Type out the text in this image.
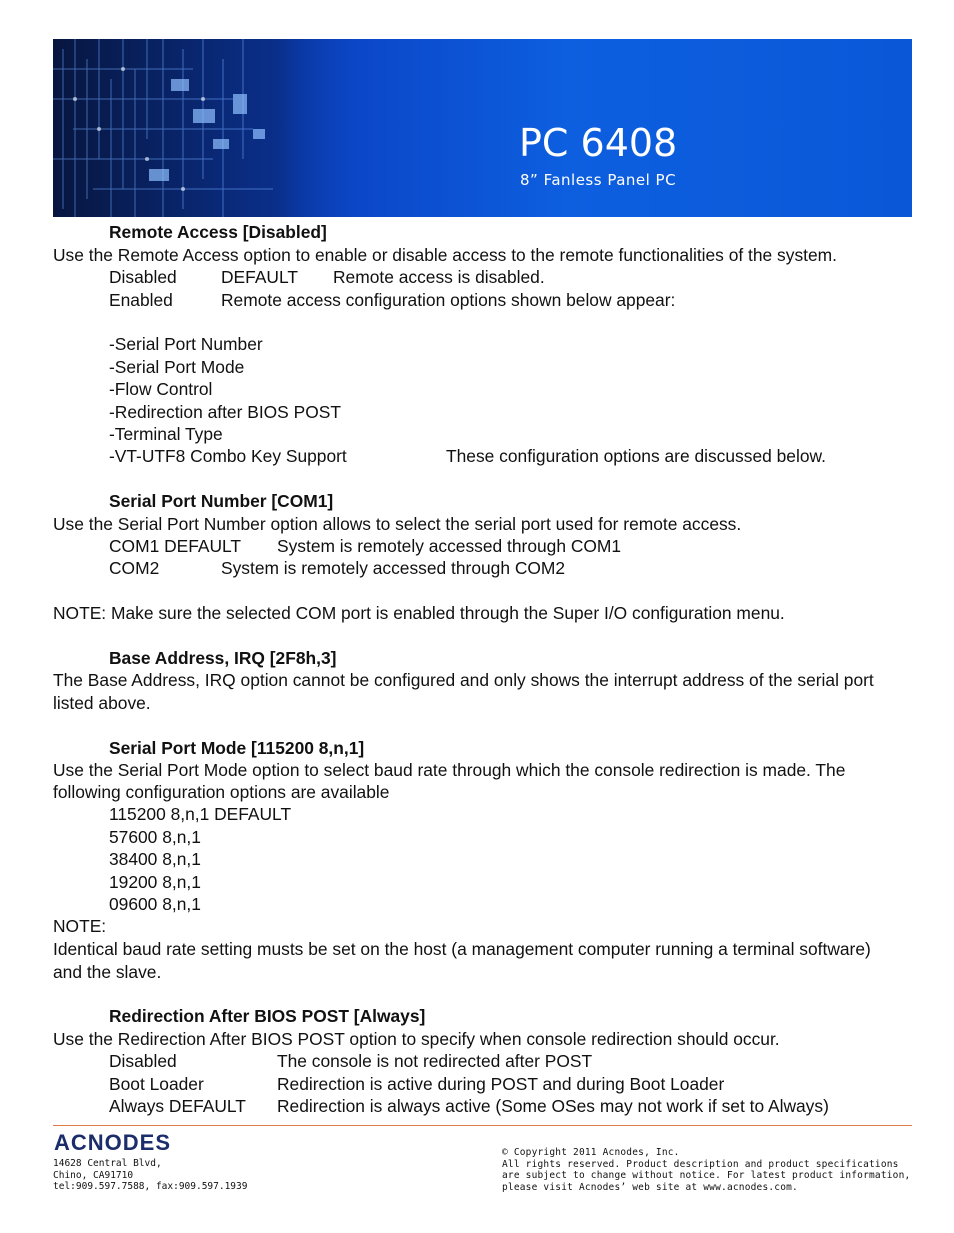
PC 6408
8” Fanless Panel PC
Remote Access [Disabled]
Use the Remote Access option to enable or disable access to the remote functionalities of the system.
Disabled	DEFAULT Remote access is disabled.
Enabled	Remote access configuration options shown below appear:
-Serial Port Number
-Serial Port Mode
-Flow Control
-Redirection after BIOS POST
-Terminal Type
-VT-UTF8 Combo Key Support	These configuration options are discussed below.
Serial Port Number [COM1]
Use the Serial Port Number option allows to select the serial port used for remote access.
COM1 DEFAULT System is remotely accessed through COM1
COM2	System is remotely accessed through COM2
NOTE: Make sure the selected COM port is enabled through the Super I/O configuration menu.
Base Address, IRQ [2F8h,3]
The Base Address, IRQ option cannot be configured and only shows the interrupt address of the serial port
listed above.
Serial Port Mode [115200 8,n,1]
Use the Serial Port Mode option to select baud rate through which the console redirection is made. The
following configuration options are available
115200 8,n,1 DEFAULT
57600 8,n,1
38400 8,n,1
19200 8,n,1
09600 8,n,1
NOTE:
Identical baud rate setting musts be set on the host (a management computer running a terminal software)
and the slave.
Redirection After BIOS POST [Always]
Use the Redirection After BIOS POST option to specify when console redirection should occur.
Disabled	The console is not redirected after POST
Boot Loader	Redirection is active during POST and during Boot Loader
Always DEFAULT Redirection is always active (Some OSes may not work if set to Always)
ACNODES
14628 Central Blvd,
Chino, CA91710
tel:909.597.7588, fax:909.597.1939
© Copyright 2011 Acnodes, Inc.
All rights reserved. Product description and product specifications
are subject to change without notice. For latest product information,
please visit Acnodes’ web site at www.acnodes.com.
